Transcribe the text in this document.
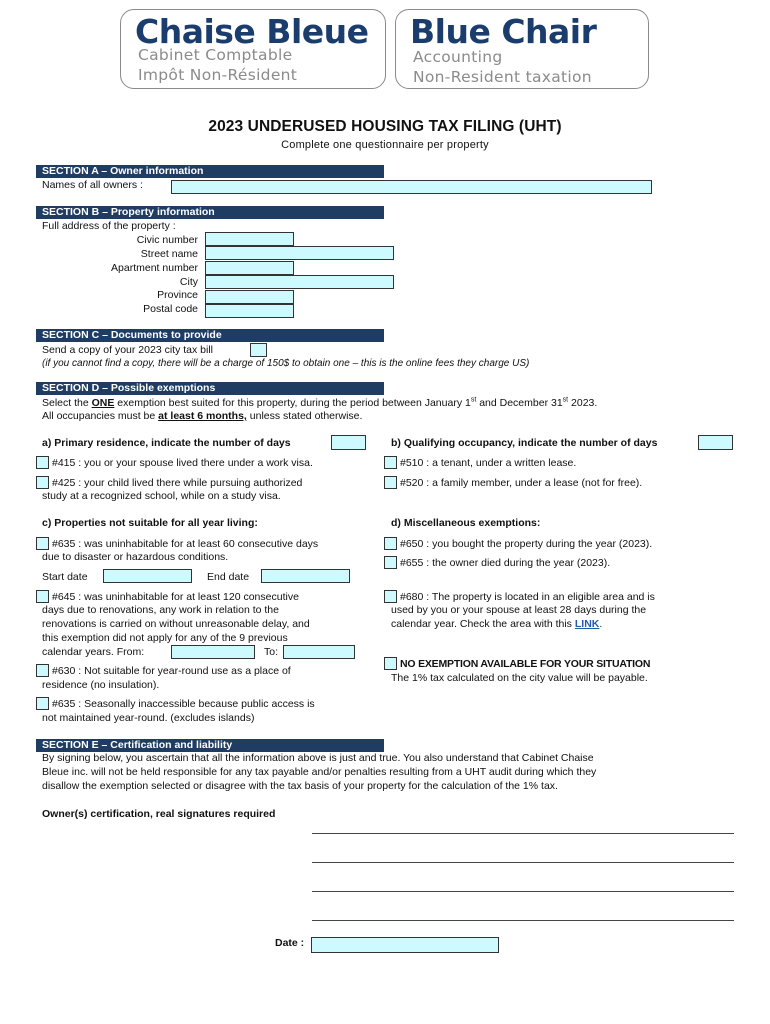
Chaise Bleue
Cabinet Comptable
Impôt Non-Résident
Blue Chair
Accounting
Non-Resident taxation
2023 UNDERUSED HOUSING TAX FILING (UHT)
Complete one questionnaire per property
SECTION A – Owner information
Names of all owners :
SECTION B – Property information
Full address of the property :
Civic number
Street name
Apartment number
City
Province
Postal code
SECTION C – Documents to provide
Send a copy of your 2023 city tax bill
(if you cannot find a copy, there will be a charge of 150$ to obtain one – this is the online fees they charge US)
SECTION D – Possible exemptions
Select the ONE exemption best suited for this property, during the period between January 1st and December 31st 2023.
All occupancies must be at least 6 months, unless stated otherwise.
a) Primary residence, indicate the number of days
#415 : you or your spouse lived there under a work visa.
#425 : your child lived there while pursuing authorized
study at a recognized school, while on a study visa.
b) Qualifying occupancy, indicate the number of days
#510 : a tenant, under a written lease.
#520 : a family member, under a lease (not for free).
c) Properties not suitable for all year living:
#635 : was uninhabitable for at least 60 consecutive days
due to disaster or hazardous conditions.
Start date	End date
#645 : was uninhabitable for at least 120 consecutive
days due to renovations, any work in relation to the
renovations is carried on without unreasonable delay, and
this exemption did not apply for any of the 9 previous
calendar years. From:	To:
#630 : Not suitable for year-round use as a place of
residence (no insulation).
#635 : Seasonally inaccessible because public access is
not maintained year-round. (excludes islands)
d) Miscellaneous exemptions:
#650 : you bought the property during the year (2023).
#655 : the owner died during the year (2023).
#680 : The property is located in an eligible area and is
used by you or your spouse at least 28 days during the
calendar year. Check the area with this LINK.
NO EXEMPTION AVAILABLE FOR YOUR SITUATION
The 1% tax calculated on the city value will be payable.
SECTION E – Certification and liability
By signing below, you ascertain that all the information above is just and true. You also understand that Cabinet Chaise
Bleue inc. will not be held responsible for any tax payable and/or penalties resulting from a UHT audit during which they
disallow the exemption selected or disagree with the tax basis of your property for the calculation of the 1% tax.
Owner(s) certification, real signatures required
Date :
